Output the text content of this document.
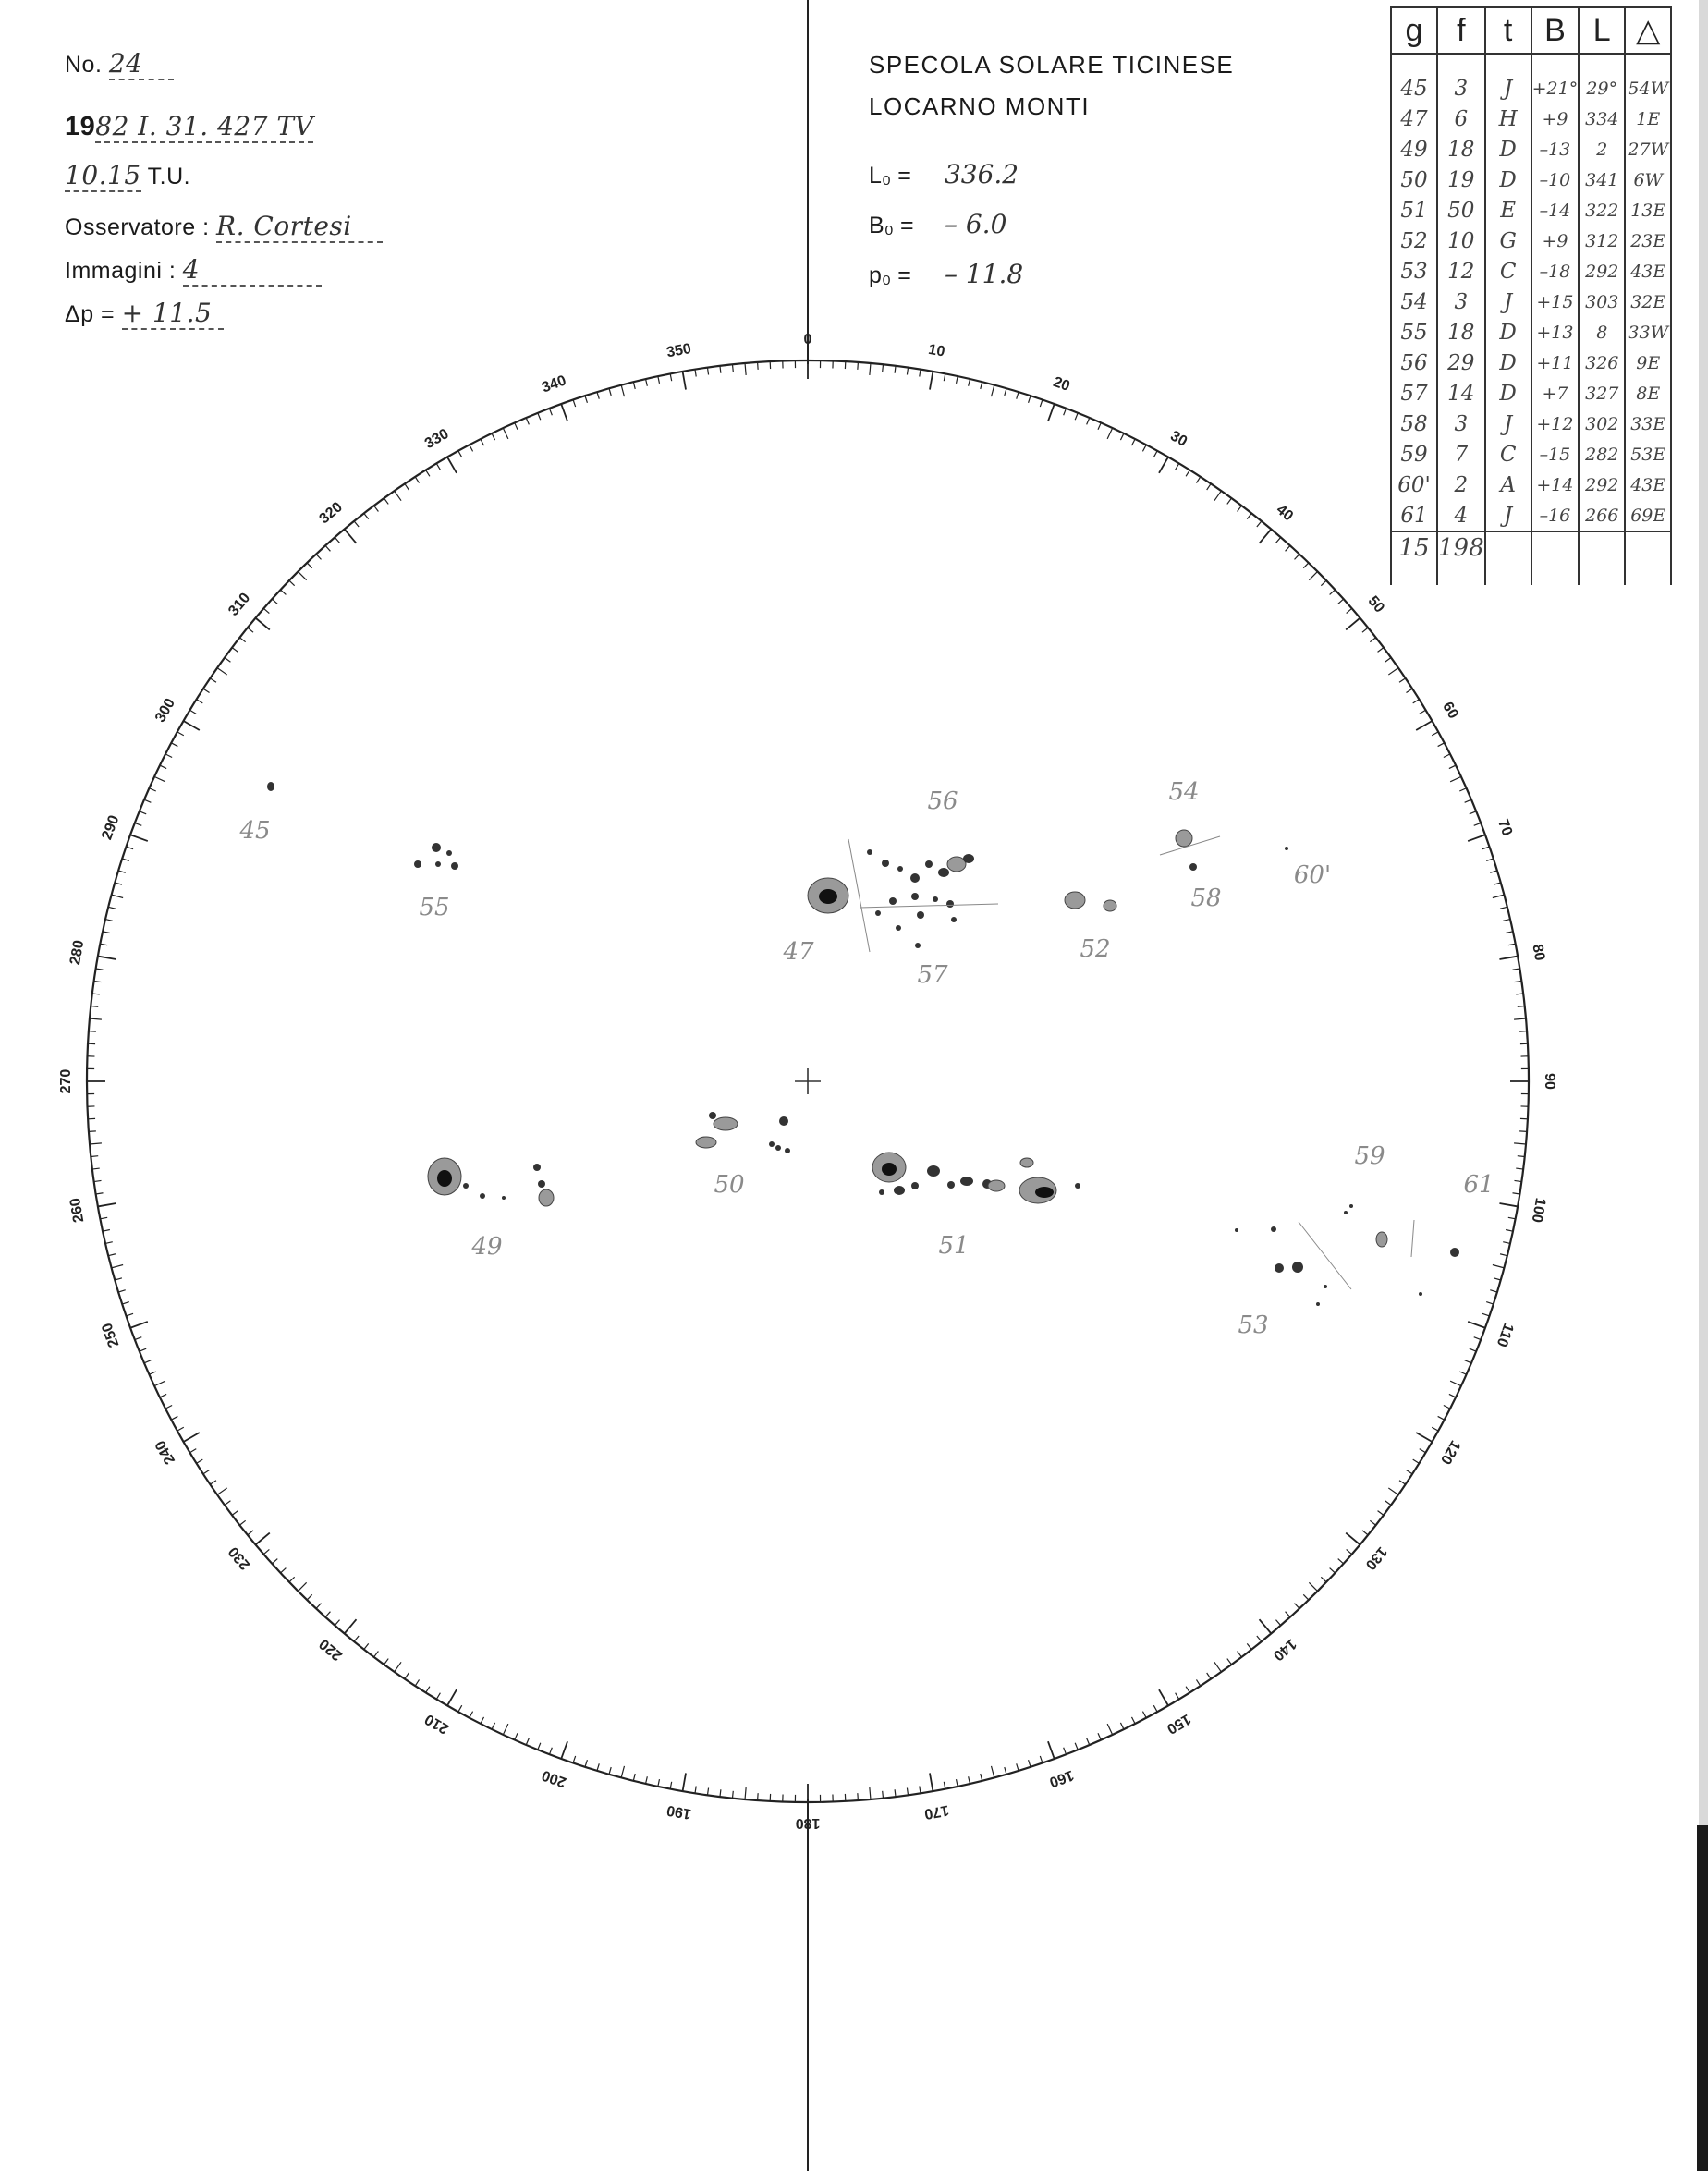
No. 24
1982 I. 31. 427 TV
10.15 T.U.
Osservatore : R. Cortesi
Immagini : 4
Δp = + 11.5
SPECOLA SOLARE TICINESE
LOCARNO MONTI
L₀ = 336.2
B₀ = – 6.0
p₀ = – 11.8
g	f	t	B	L	△
45	3	J	+21°	29°	54W
47	6	H	+9	334	1E
49	18	D	–13	2	27W
50	19	D	–10	341	6W
51	50	E	–14	322	13E
52	10	G	+9	312	23E
53	12	C	–18	292	43E
54	3	J	+15	303	32E
55	18	D	+13	8	33W
56	29	D	+11	326	9E
57	14	D	+7	327	8E
58	3	J	+12	302	33E
59	7	C	–15	282	53E
60'	2	A	+14	292	43E
61	4	J	–16	266	69E
15	198				

0
10
20
30
40
50
60
70
80
90
100
110
120
130
140
150
160
170
180
190
200
210
220
230
240
250
260
270
280
290
300
310
320
330
340
350
45
55
56
47
57
52
54
58
60'
50
51
49
59
61
53
